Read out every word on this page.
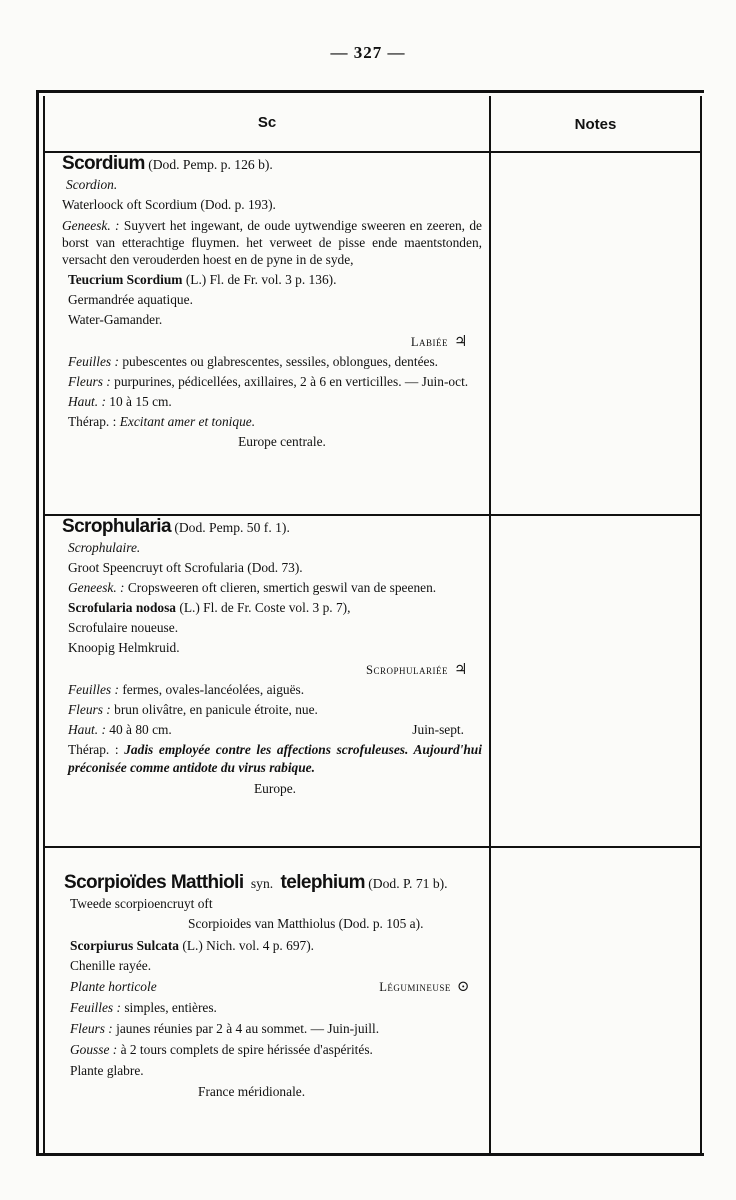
— 327 —
Sc	Notes

Scordium (Dod. Pemp. p. 126 b).

Scordion.

Waterloock oft Scordium (Dod. p. 193).

Geneesk. : Suyvert het ingewant, de oude uytwendige sweeren en zeeren, de borst van etterachtige fluymen. het verweet de pisse ende maentstonden, versacht den verouderden hoest en de pyne in de syde,

Teucrium Scordium (L.) Fl. de Fr. vol. 3 p. 136).

Germandrée aquatique.

Water-Gamander.

Labiée ♃

Feuilles : pubescentes ou glabrescentes, sessiles, oblongues, dentées.

Fleurs : purpurines, pédicellées, axillaires, 2 à 6 en verticilles. — Juin-oct.

Haut. : 10 à 15 cm.

Thérap. : Excitant amer et tonique.

Europe centrale.

Scrophularia (Dod. Pemp. 50 f. 1).

Scrophulaire.

Groot Speencruyt oft Scrofularia (Dod. 73).

Geneesk. : Cropsweeren oft clieren, smertich geswil van de speenen.

Scrofularia nodosa (L.) Fl. de Fr. Coste vol. 3 p. 7),

Scrofulaire noueuse.

Knoopig Helmkruid.

Scrophulariée ♃

Feuilles : fermes, ovales-lancéolées, aiguës.

Fleurs : brun olivâtre, en panicule étroite, nue.

Haut. : 40 à 80 cm.	Juin-sept.

Thérap. : Jadis employée contre les affections scrofuleuses. Aujourd'hui préconisée comme antidote du virus rabique.

Europe.

Scorpioïdes Matthioli syn. telephium (Dod. P. 71 b).

Tweede scorpioencruyt oft

Scorpioides van Matthiolus (Dod. p. 105 a).

Scorpiurus Sulcata (L.) Nich. vol. 4 p. 697).

Chenille rayée.

Plante horticole	Légumineuse ⊙

Feuilles : simples, entières.

Fleurs : jaunes réunies par 2 à 4 au sommet. — Juin-juill.

Gousse : à 2 tours complets de spire hérissée d'aspérités.

Plante glabre.

France méridionale.
